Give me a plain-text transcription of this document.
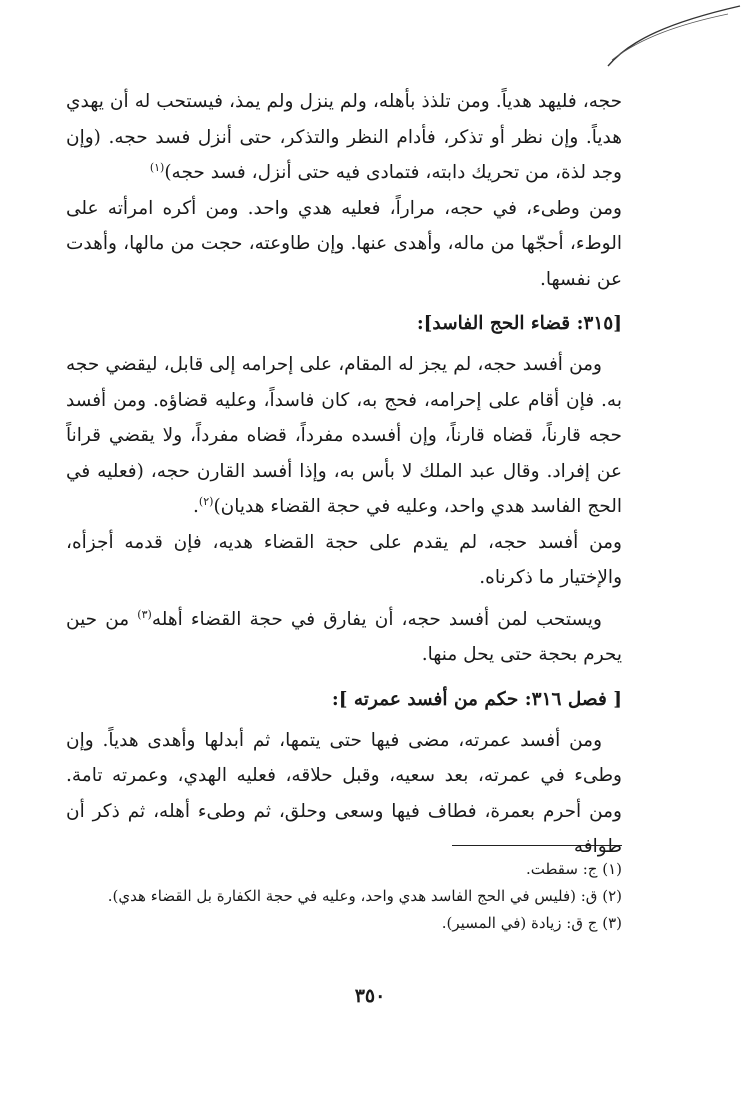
حجه، فليهد هدياً. ومن تلذذ بأهله، ولم ينزل ولم يمذ، فيستحب له أن يهدي هدياً. وإن نظر أو تذكر، فأدام النظر والتذكر، حتى أنزل فسد حجه. (وإن وجد لذة، من تحريك دابته، فتمادى فيه حتى أنزل، فسد حجه)$^{(١)}$

ومن وطىء، في حجه، مراراً، فعليه هدي واحد. ومن أكره امرأته على الوطء، أحجّها من ماله، وأهدى عنها. وإن طاوعته، حجت من مالها، وأهدت عن نفسها.

[٣١٥: قضاء الحج الفاسد]:

ومن أفسد حجه، لم يجز له المقام، على إحرامه إلى قابل، ليقضي حجه به. فإن أقام على إحرامه، فحج به، كان فاسداً، وعليه قضاؤه. ومن أفسد حجه قارناً، قضاه قارناً، وإن أفسده مفرداً، قضاه مفرداً، ولا يقضي قراناً عن إفراد. وقال عبد الملك لا بأس به، وإذا أفسد القارن حجه، (فعليه في الحج الفاسد هدي واحد، وعليه في حجة القضاء هديان)$^{(٢)}$.

ومن أفسد حجه، لم يقدم على حجة القضاء هديه، فإن قدمه أجزأه، والإختيار ما ذكرناه.

ويستحب لمن أفسد حجه، أن يفارق في حجة القضاء أهله$^{(٣)}$ من حين يحرم بحجة حتى يحل منها.

[ فصل ٣١٦: حكم من أفسد عمرته ]:

ومن أفسد عمرته، مضى فيها حتى يتمها، ثم أبدلها وأهدى هدياً. وإن وطىء في عمرته، بعد سعيه، وقبل حلاقه، فعليه الهدي، وعمرته تامة. ومن أحرم بعمرة، فطاف فيها وسعى وحلق، ثم وطىء أهله، ثم ذكر أن طوافه

(١) ج: سقطت.

(٢) ق: (فليس في الحج الفاسد هدي واحد، وعليه في حجة الكفارة بل القضاء هدي).

(٣) ج ق: زيادة (في المسير).

٣٥٠
